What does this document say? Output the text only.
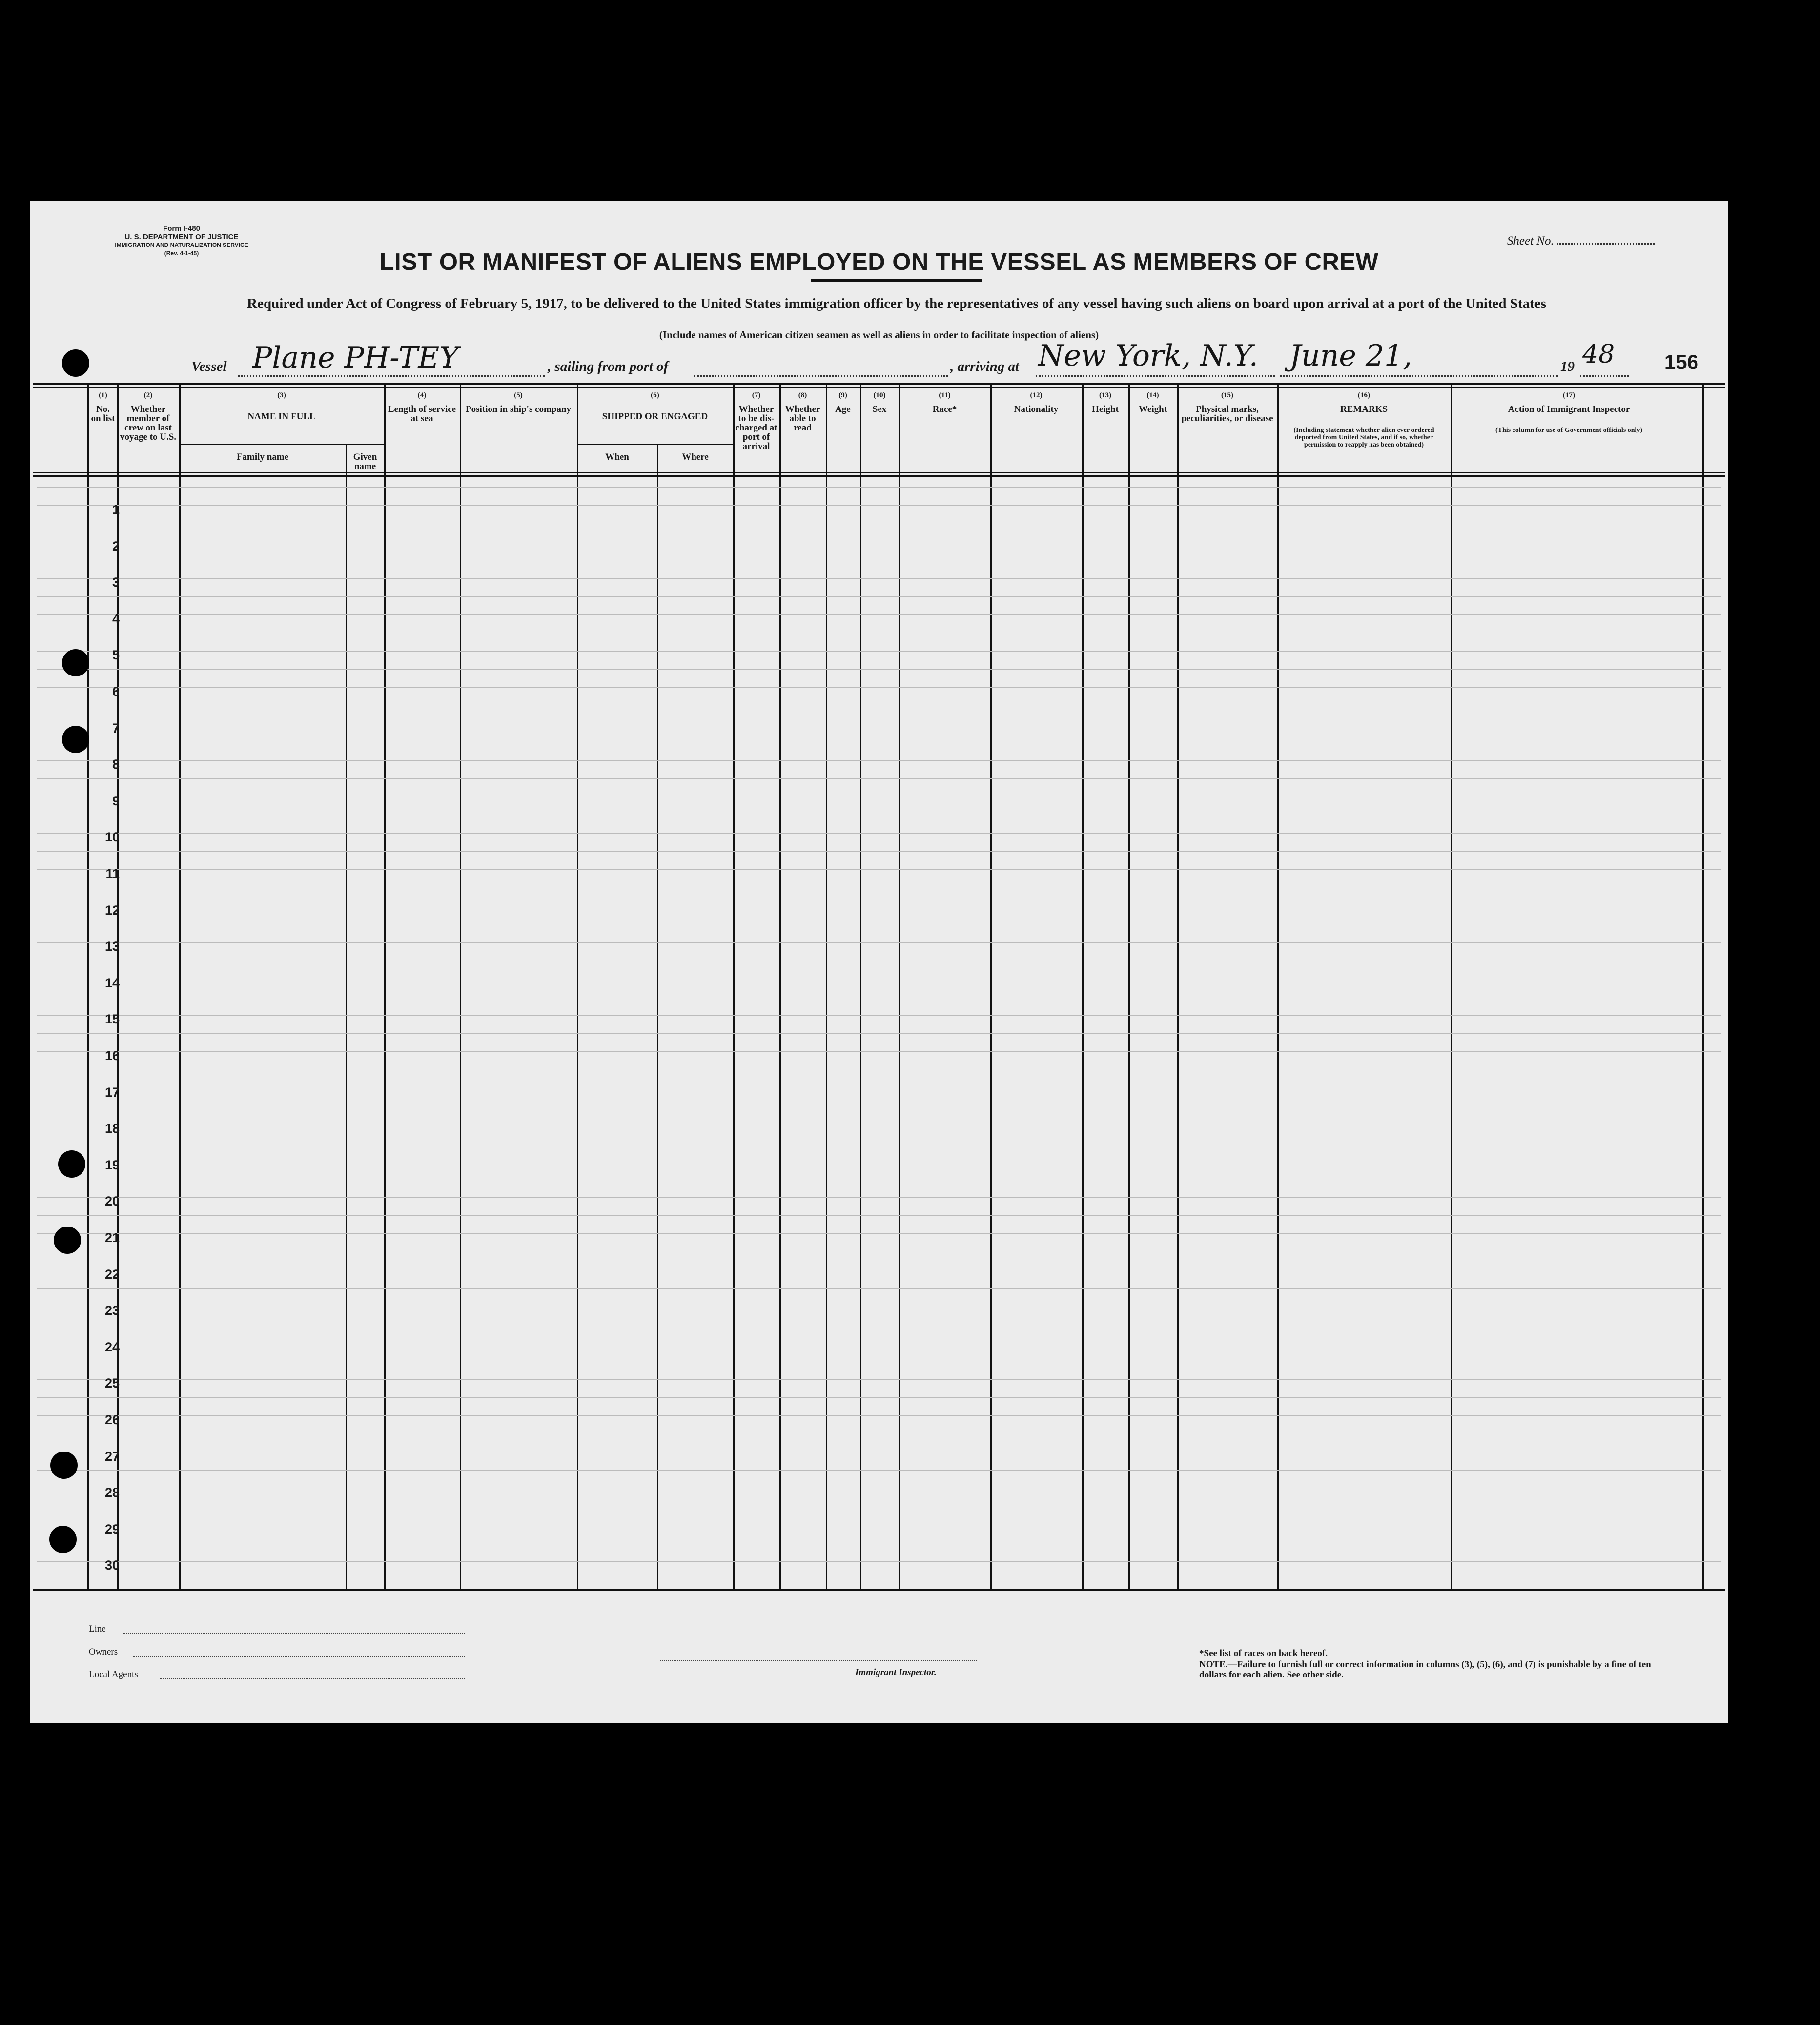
Form I-480
U. S. DEPARTMENT OF JUSTICE
IMMIGRATION AND NATURALIZATION SERVICE
(Rev. 4-1-45)
Sheet No.
LIST OR MANIFEST OF ALIENS EMPLOYED ON THE VESSEL AS MEMBERS OF CREW
Required under Act of Congress of February 5, 1917, to be delivered to the United States immigration officer by the representatives of any vessel having such aliens on board upon arrival at a port of the United States
(Include names of American citizen seamen as well as aliens in order to facilitate inspection of aliens)
Vessel Plane PH-TEY	, sailing from port of	, arriving at New York, N.Y. June 21,	19 48 156
(1)
No. on list
(2)
Whether member of crew on last voyage to U.S.
(3)
NAME IN FULL
Family name	Given name
(4)
Length of service at sea
(5)
Position in ship's company
(6)
SHIPPED OR ENGAGED
When	Where
(7)
Whether to be dis-charged at port of arrival
(8)
Whether able to read
(9)
Age
(10)
Sex
(11)
Race*
(12)
Nationality
(13)
Height
(14)
Weight
(15)
Physical marks, peculiarities, or disease
(16)
REMARKS
(Including statement whether alien ever ordered deported from United States, and if so, whether permission to reapply has been obtained)
(17)
Action of Immigrant Inspector
(This column for use of Government officials only)
1
2
3
4
5
6
7
8
9
10
11
12
13
14
15
16
17
18
19
20
21
22
23
24
25
26
27
28
29
30
Line
Owners
Local Agents	Immigrant Inspector.
*See list of races on back hereof.
NOTE.—Failure to furnish full or correct information in columns (3), (5), (6), and (7) is punishable by a fine of ten dollars for each alien. See other side.
